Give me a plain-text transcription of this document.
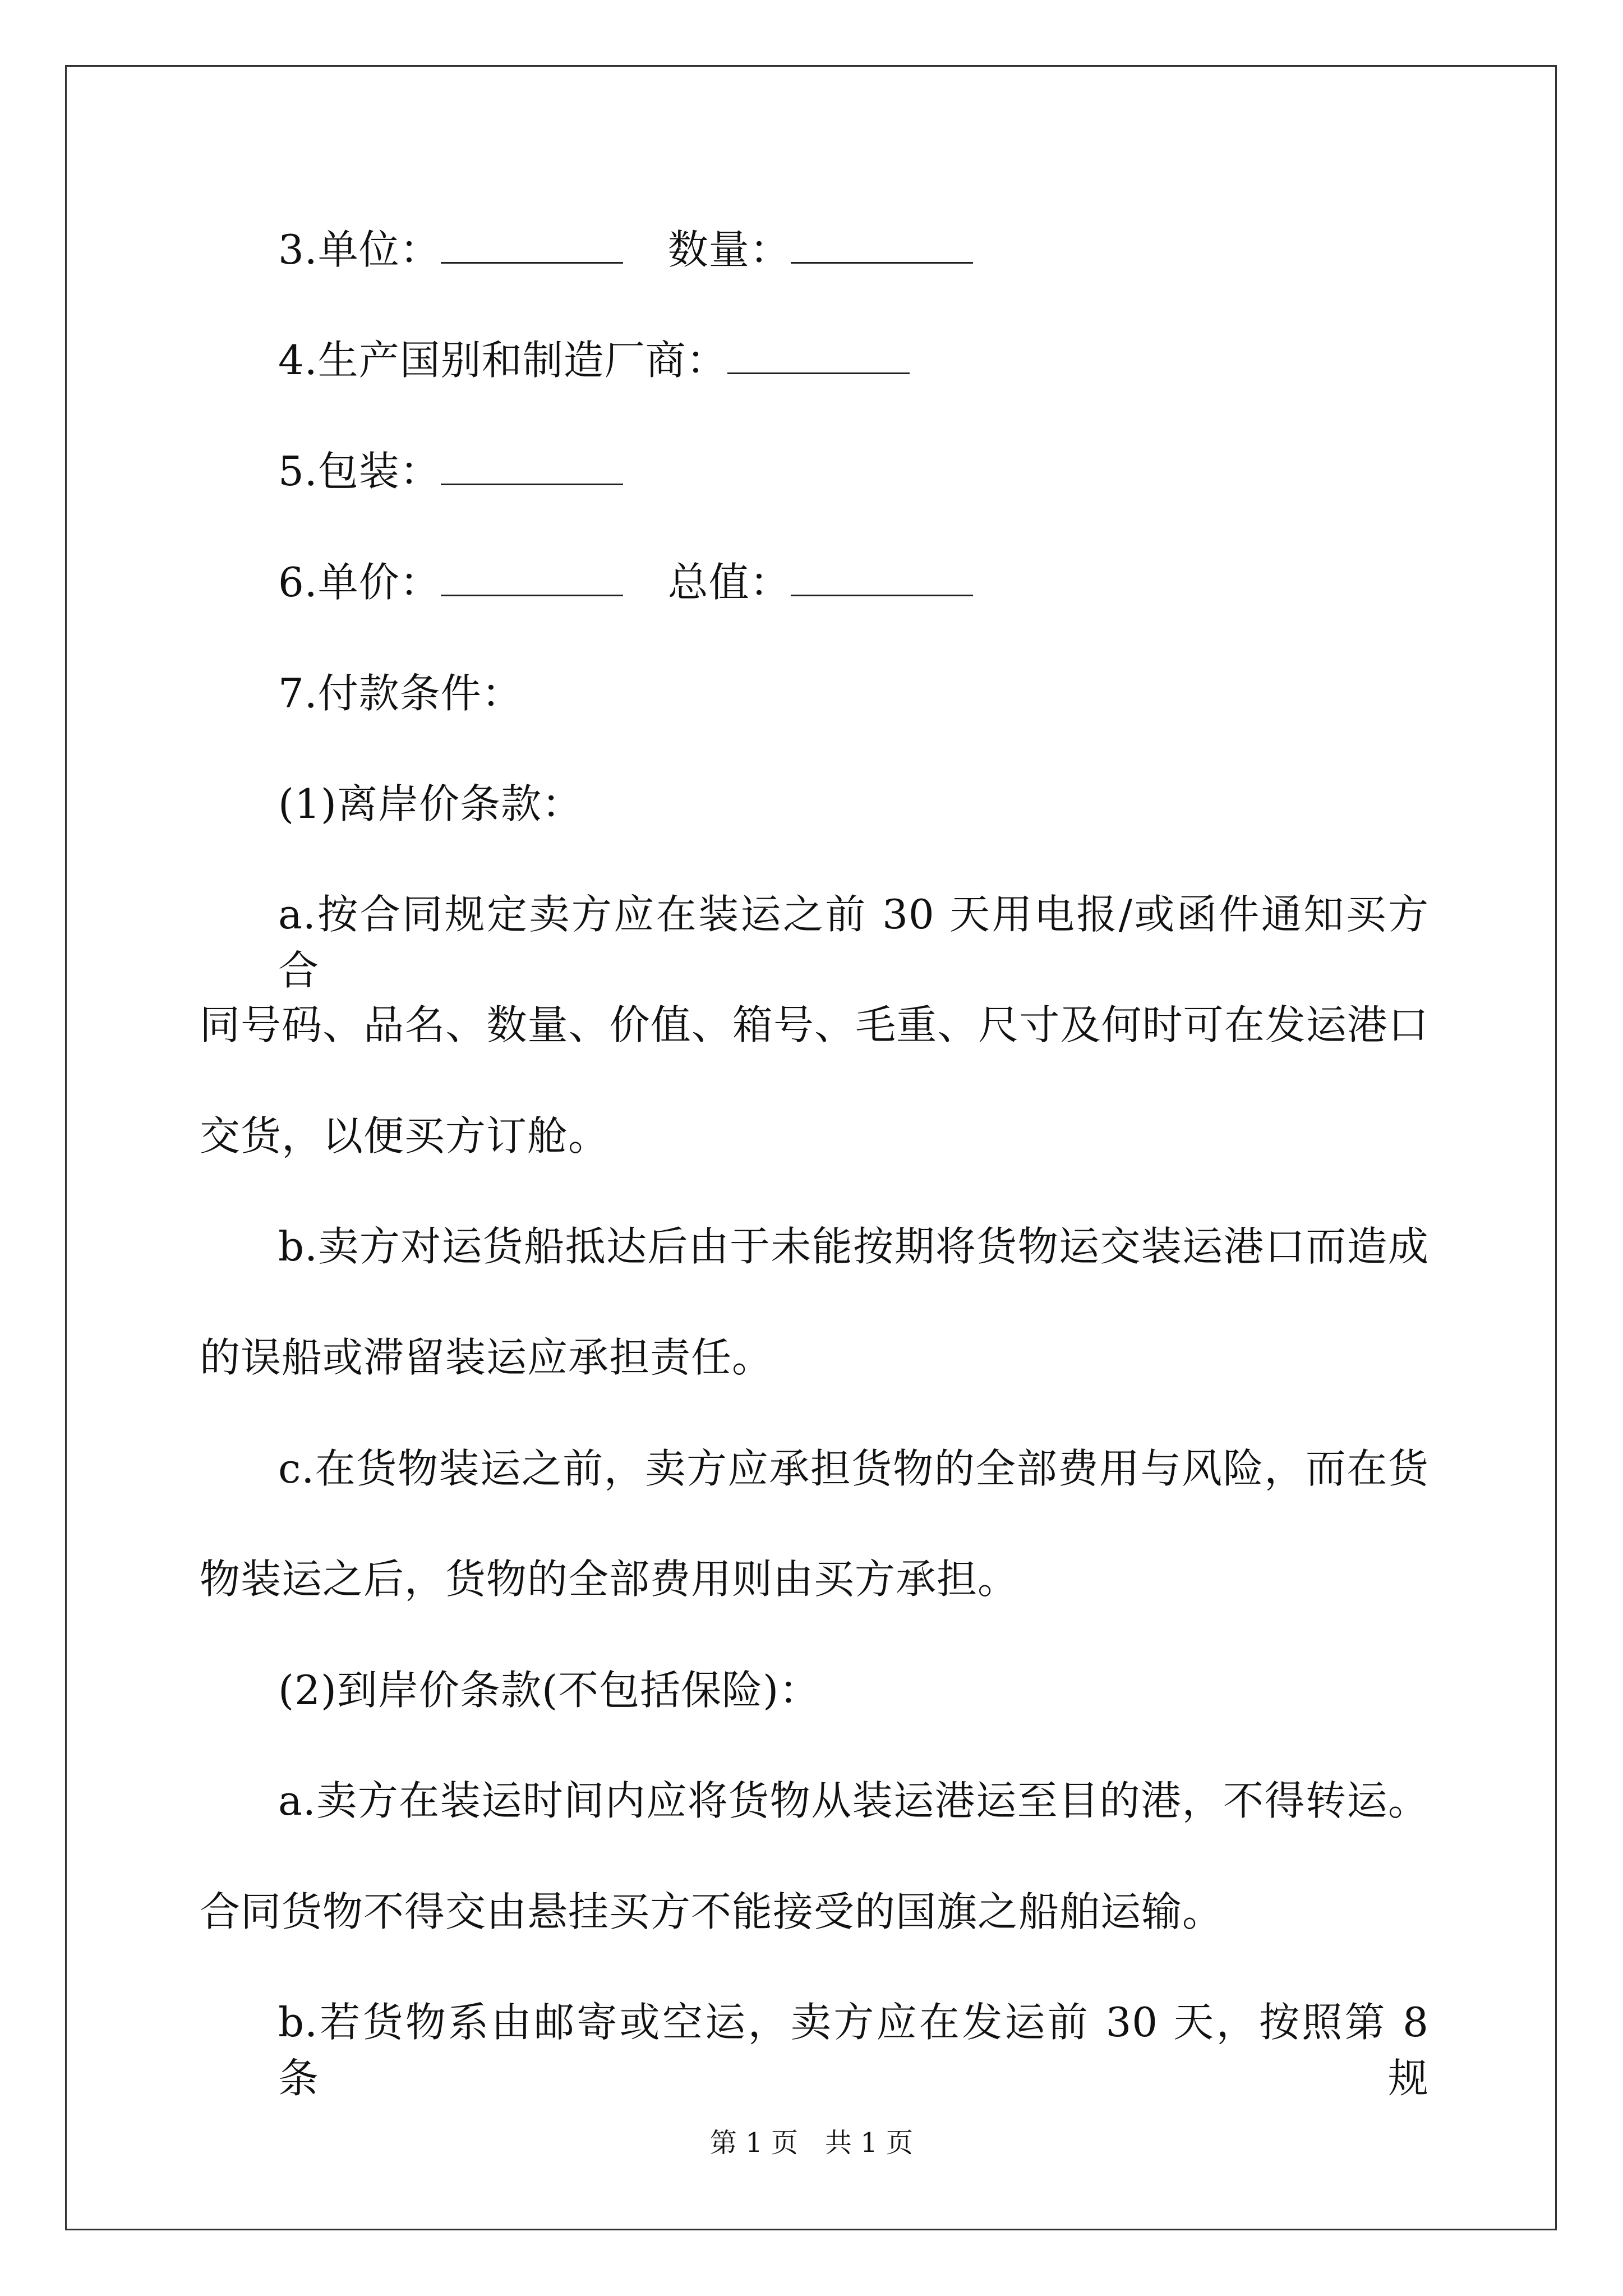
3.单位：	数量：
4.生产国别和制造厂商：
5.包装：
6.单价：	总值：
7.付款条件：
(1)离岸价条款：
a.按合同规定卖方应在装运之前 30 天用电报/或函件通知买方合
同号码、品名、数量、价值、箱号、毛重、尺寸及何时可在发运港口
交货，以便买方订舱。
b.卖方对运货船抵达后由于未能按期将货物运交装运港口而造成
的误船或滞留装运应承担责任。
c.在货物装运之前，卖方应承担货物的全部费用与风险，而在货
物装运之后，货物的全部费用则由买方承担。
(2)到岸价条款(不包括保险)：
a.卖方在装运时间内应将货物从装运港运至目的港，不得转运。
合同货物不得交由悬挂买方不能接受的国旗之船舶运输。
b.若货物系由邮寄或空运，卖方应在发运前 30 天，按照第 8 条规
第 1 页　共 1 页
